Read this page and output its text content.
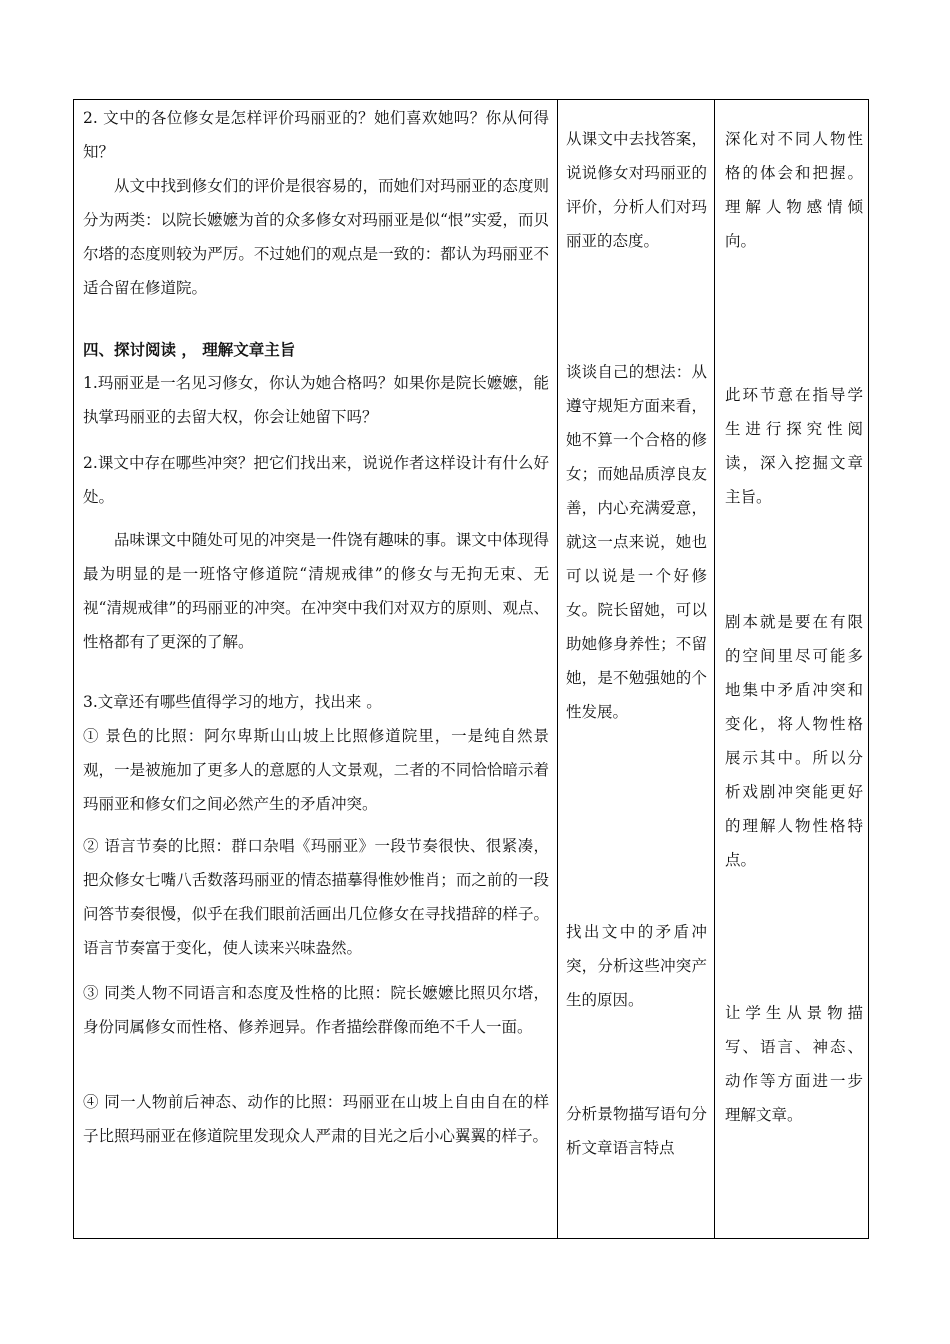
2. 文中的各位修女是怎样评价玛丽亚的？她们喜欢她吗？你从何得知？

从文中找到修女们的评价是很容易的，而她们对玛丽亚的态度则分为两类：以院长嬷嬷为首的众多修女对玛丽亚是似“恨”实爱，而贝尔塔的态度则较为严厉。不过她们的观点是一致的：都认为玛丽亚不适合留在修道院。

四、探讨阅读 ， 理解文章主旨

1.玛丽亚是一名见习修女，你认为她合格吗？如果你是院长嬷嬷，能执掌玛丽亚的去留大权，你会让她留下吗？

2.课文中存在哪些冲突？把它们找出来，说说作者这样设计有什么好处。

品味课文中随处可见的冲突是一件饶有趣味的事。课文中体现得最为明显的是一班恪守修道院“清规戒律”的修女与无拘无束、无视“清规戒律”的玛丽亚的冲突。在冲突中我们对双方的原则、观点、性格都有了更深的了解。

3.文章还有哪些值得学习的地方，找出来 。

① 景色的比照：阿尔卑斯山山坡上比照修道院里，一是纯自然景观，一是被施加了更多人的意愿的人文景观，二者的不同恰恰暗示着玛丽亚和修女们之间必然产生的矛盾冲突。

② 语言节奏的比照：群口杂唱《玛丽亚》一段节奏很快、很紧凑，把众修女七嘴八舌数落玛丽亚的情态描摹得惟妙惟肖；而之前的一段问答节奏很慢，似乎在我们眼前活画出几位修女在寻找措辞的样子。语言节奏富于变化，使人读来兴味盎然。

③ 同类人物不同语言和态度及性格的比照：院长嬷嬷比照贝尔塔，身份同属修女而性格、修养迥异。作者描绘群像而绝不千人一面。

④ 同一人物前后神态、动作的比照：玛丽亚在山坡上自由自在的样子比照玛丽亚在修道院里发现众人严肃的目光之后小心翼翼的样子。

从课文中去找答案，说说修女对玛丽亚的评价，分析人们对玛丽亚的态度。

谈谈自己的想法：从遵守规矩方面来看，她不算一个合格的修女；而她品质淳良友善，内心充满爱意，就这一点来说，她也可以说是一个好修女。院长留她，可以助她修身养性；不留她，是不勉强她的个性发展。

找出文中的矛盾冲突，分析这些冲突产生的原因。

分析景物描写语句分析文章语言特点

深化对不同人物性格的体会和把握。理解人物感情倾向。

此环节意在指导学生进行探究性阅读，深入挖掘文章主旨。

剧本就是要在有限的空间里尽可能多地集中矛盾冲突和变化，将人物性格展示其中。所以分析戏剧冲突能更好的理解人物性格特点。

让学生从景物描写、语言、神态、动作等方面进一步理解文章。
